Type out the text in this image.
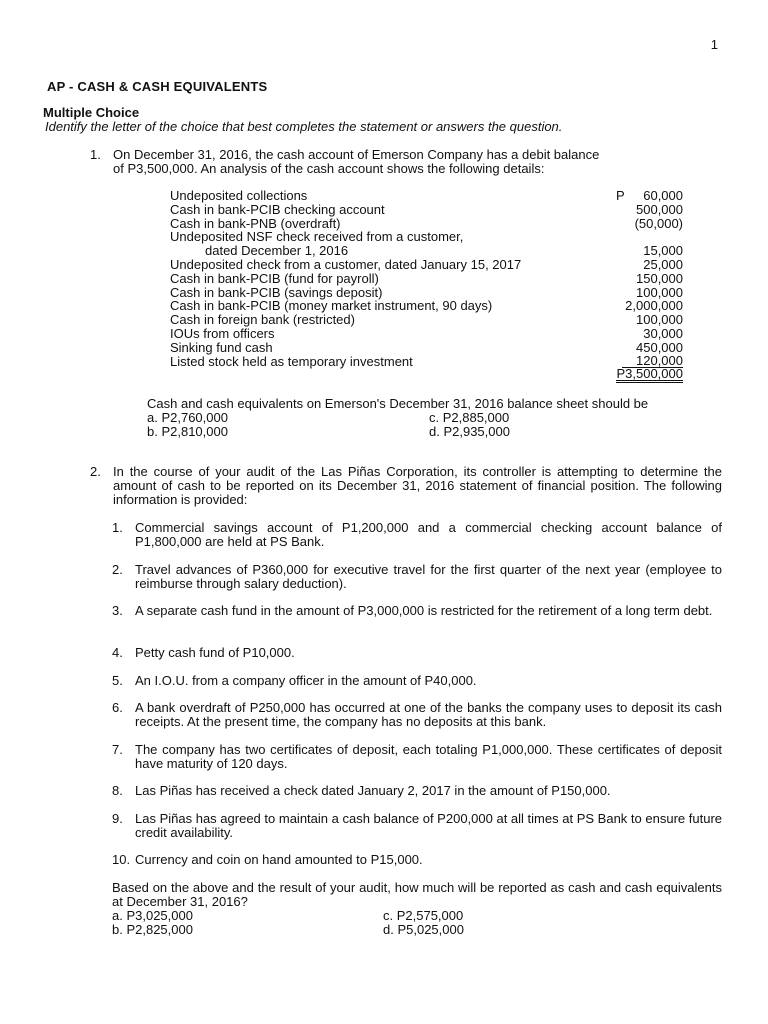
1
AP - CASH & CASH EQUIVALENTS
Multiple Choice
Identify the letter of the choice that best completes the statement or answers the question.
1. On December 31, 2016, the cash account of Emerson Company has a debit balance
of P3,500,000. An analysis of the cash account shows the following details:
P
Undeposited collections	60,000
Cash in bank-PCIB checking account	500,000
Cash in bank-PNB (overdraft)	(50,000)
Undeposited NSF check received from a customer,
dated December 1, 2016	15,000
Undeposited check from a customer, dated January 15, 2017	25,000
Cash in bank-PCIB (fund for payroll)	150,000
Cash in bank-PCIB (savings deposit)	100,000
Cash in bank-PCIB (money market instrument, 90 days)	2,000,000
Cash in foreign bank (restricted)	100,000
IOUs from officers	30,000
Sinking fund cash	450,000
Listed stock held as temporary investment	120,000
P3,500,000
Cash and cash equivalents on Emerson's December 31, 2016 balance sheet should be
a. P2,760,000
b. P2,810,000
c. P2,885,000
d. P2,935,000
2. In the course of your audit of the Las Piñas Corporation, its controller is attempting to determine the amount of cash to be reported on its December 31, 2016 statement of financial position. The following information is provided:
1. Commercial savings account of P1,200,000 and a commercial checking account balance of P1,800,000 are held at PS Bank.
2. Travel advances of P360,000 for executive travel for the first quarter of the next year (employee to reimburse through salary deduction).
3. A separate cash fund in the amount of P3,000,000 is restricted for the retirement of a long term debt.
4. Petty cash fund of P10,000.
5. An I.O.U. from a company officer in the amount of P40,000.
6. A bank overdraft of P250,000 has occurred at one of the banks the company uses to deposit its cash receipts. At the present time, the company has no deposits at this bank.
7. The company has two certificates of deposit, each totaling P1,000,000. These certificates of deposit have maturity of 120 days.
8. Las Piñas has received a check dated January 2, 2017 in the amount of P150,000.
9. Las Piñas has agreed to maintain a cash balance of P200,000 at all times at PS Bank to ensure future credit availability.
10. Currency and coin on hand amounted to P15,000.
Based on the above and the result of your audit, how much will be reported as cash and cash equivalents at December 31, 2016?
a. P3,025,000
b. P2,825,000
c. P2,575,000
d. P5,025,000
